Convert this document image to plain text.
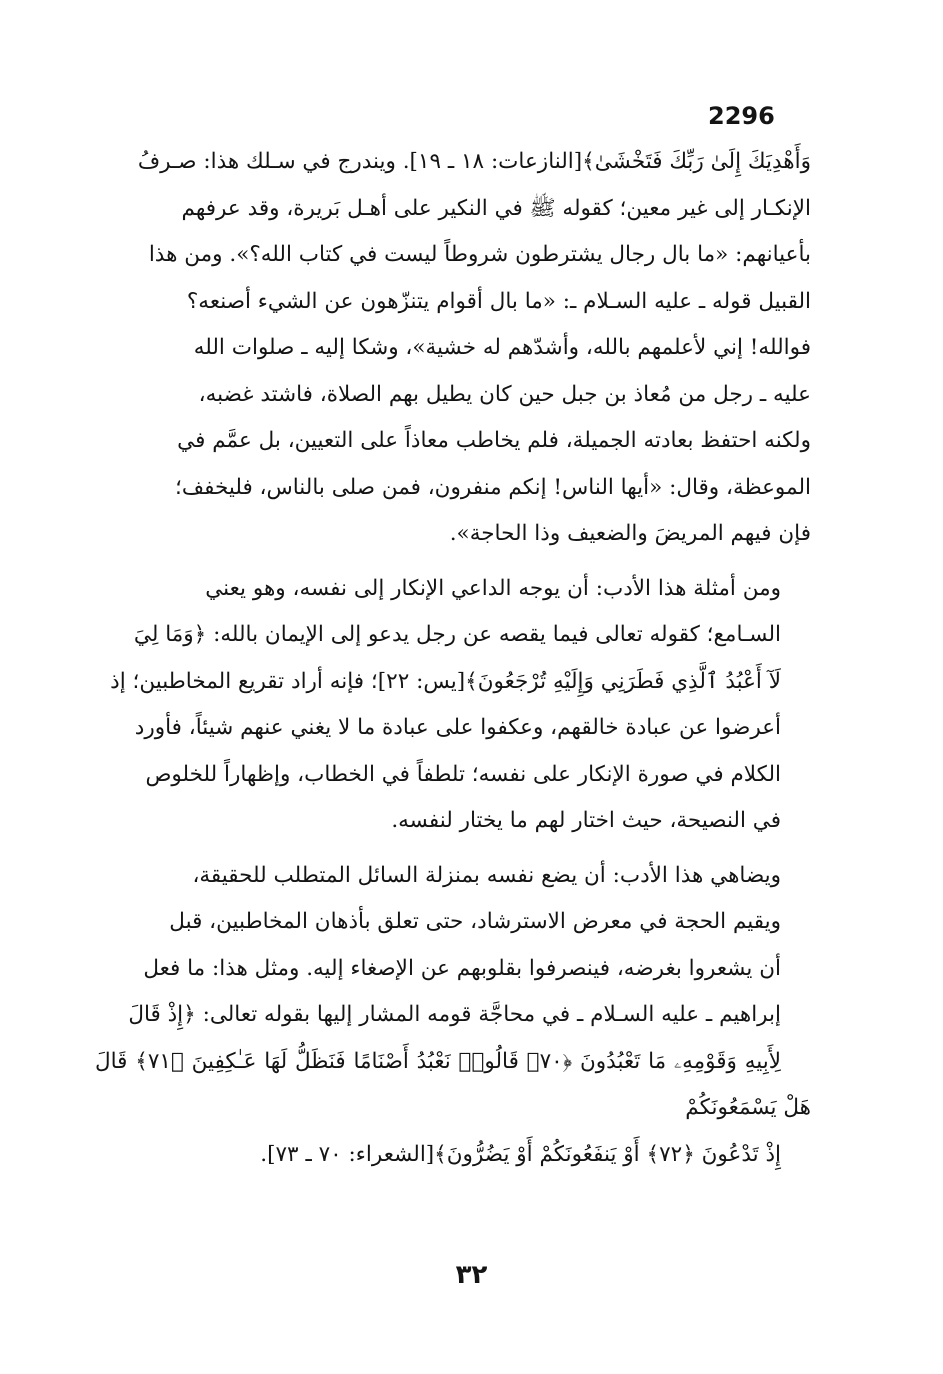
2296

وَأَهْدِيَكَ إِلَىٰ رَبِّكَ فَتَخْشَىٰ﴾[النازعات: ١٨ ـ ١٩]. ويندرج في سـلك هذا: صـرفُ
الإنكـار إلى غير معين؛ كقوله ﷺ في النكير على أهـل بَريرة، وقد عرفهم
بأعيانهم: «ما بال رجال يشترطون شروطاً ليست في كتاب الله؟». ومن هذا
القبيل قوله ـ عليه السـلام ـ: «ما بال أقوام يتنزّهون عن الشيء أصنعه؟
فوالله! إني لأعلمهم بالله، وأشدّهم له خشية»، وشكا إليه ـ صلوات الله
عليه ـ رجل من مُعاذ بن جبل حين كان يطيل بهم الصلاة، فاشتد غضبه،
ولكنه احتفظ بعادته الجميلة، فلم يخاطب معاذاً على التعيين، بل عمَّم في
الموعظة، وقال: «أيها الناس! إنكم منفرون، فمن صلى بالناس، فليخفف؛
فإن فيهم المريضَ والضعيف وذا الحاجة».

ومن أمثلة هذا الأدب: أن يوجه الداعي الإنكار إلى نفسه، وهو يعني
السـامع؛ كقوله تعالى فيما يقصه عن رجل يدعو إلى الإيمان بالله: ﴿وَمَا لِيَ
لَآ أَعْبُدُ ٱلَّذِي فَطَرَنِي وَإِلَيْهِ تُرْجَعُونَ﴾[يس: ٢٢]؛ فإنه أراد تقريع المخاطبين؛ إذ
أعرضوا عن عبادة خالقهم، وعكفوا على عبادة ما لا يغني عنهم شيئاً، فأورد
الكلام في صورة الإنكار على نفسه؛ تلطفاً في الخطاب، وإظهاراً للخلوص
في النصيحة، حيث اختار لهم ما يختار لنفسه.

ويضاهي هذا الأدب: أن يضع نفسه بمنزلة السائل المتطلب للحقيقة،
ويقيم الحجة في معرض الاسترشاد، حتى تعلق بأذهان المخاطبين، قبل
أن يشعروا بغرضه، فينصرفوا بقلوبهم عن الإصغاء إليه. ومثل هذا: ما فعل
إبراهيم ـ عليه السـلام ـ في محاجَّة قومه المشار إليها بقوله تعالى: ﴿إِذْ قَالَ
لِأَبِيهِ وَقَوْمِهِۦ مَا تَعْبُدُونَ ﴿٧٠﴾ قَالُوا۟ نَعْبُدُ أَصْنَامًا فَنَظَلُّ لَهَا عَـٰكِفِينَ ﴿٧١﴾ قَالَ هَلْ يَسْمَعُونَكُمْ
إِذْ تَدْعُونَ ﴿٧٢﴾ أَوْ يَنفَعُونَكُمْ أَوْ يَضُرُّونَ﴾[الشعراء: ٧٠ ـ ٧٣].

٣٢
